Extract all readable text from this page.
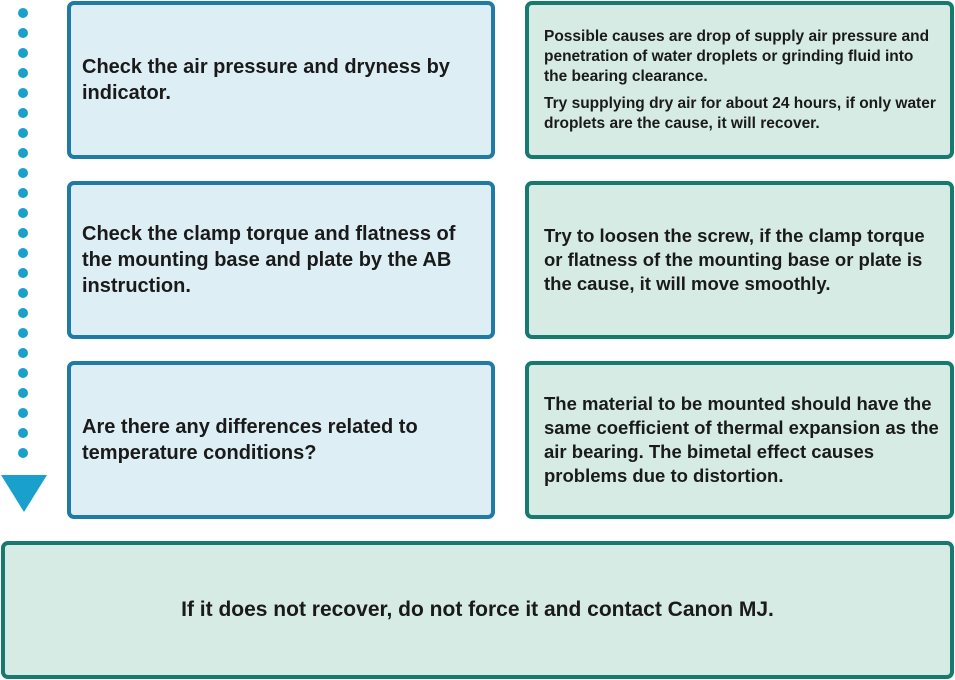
Check the air pressure and dryness by indicator.

Possible causes are drop of supply air pressure and penetration of water droplets or grinding fluid into the bearing clearance.

Try supplying dry air for about 24 hours, if only water droplets are the cause, it will recover.

Check the clamp torque and flatness of the mounting base and plate by the AB instruction.
Try to loosen the screw, if the clamp torque or flatness of the mounting base or plate is the cause, it will move smoothly.
Are there any differences related to temperature conditions?
The material to be mounted should have the same coefficient of thermal expansion as the air bearing. The bimetal effect causes problems due to distortion.
If it does not recover, do not force it and contact Canon MJ.
